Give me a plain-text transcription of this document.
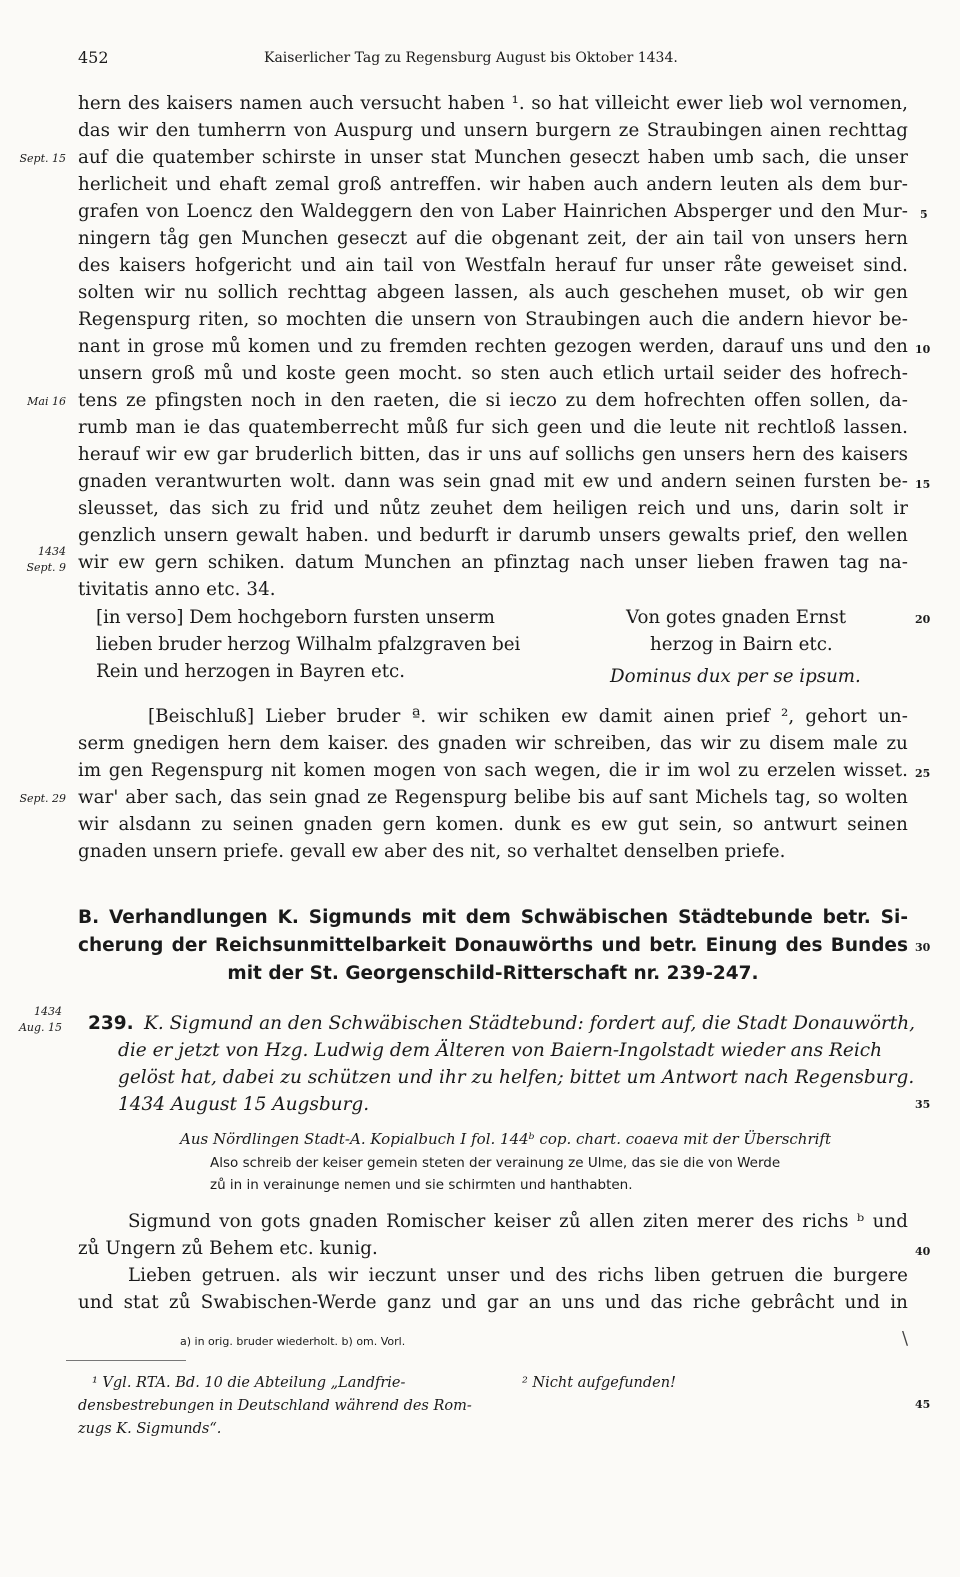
452	Kaiserlicher Tag zu Regensburg August bis Oktober 1434.
hern des kaisers namen auch versucht haben ¹. so hat villeicht ewer lieb wol vernomen,
das wir den tumherrn von Auspurg und unsern burgern ze Straubingen ainen rechttag
auf die quatember schirste in unser stat Munchen geseczt haben umb sach, die unser
herlicheit und ehaft zemal groß antreffen. wir haben auch andern leuten als dem bur-
grafen von Loencz den Waldeggern den von Laber Hainrichen Absperger und den Mur-
ningern tåg gen Munchen geseczt auf die obgenant zeit, der ain tail von unsers hern
des kaisers hofgericht und ain tail von Westfaln herauf fur unser råte geweiset sind.
solten wir nu sollich rechttag abgeen lassen, als auch geschehen muset, ob wir gen
Regenspurg riten, so mochten die unsern von Straubingen auch die andern hievor be-
nant in grose mů komen und zu fremden rechten gezogen werden, darauf uns und den
unsern groß mů und koste geen mocht. so sten auch etlich urtail seider des hofrech-
tens ze pfingsten noch in den raeten, die si ieczo zu dem hofrechten offen sollen, da-
rumb man ie das quatemberrecht můß fur sich geen und die leute nit rechtloß lassen.
herauf wir ew gar bruderlich bitten, das ir uns auf sollichs gen unsers hern des kaisers
gnaden verantwurten wolt. dann was sein gnad mit ew und andern seinen fursten be-
sleusset, das sich zu frid und nůtz zeuhet dem heiligen reich und uns, darin solt ir
genzlich unsern gewalt haben. und bedurft ir darumb unsers gewalts prief, den wellen
wir ew gern schiken. datum Munchen an pfinztag nach unser lieben frawen tag na-
tivitatis anno etc. 34.
[in verso] Dem hochgeborn fursten unserm
lieben bruder herzog Wilhalm pfalzgraven bei
Rein und herzogen in Bayren etc.
Von gotes gnaden Ernst
herzog in Bairn etc.
Dominus dux per se ipsum.
[Beischluß] Lieber bruder ª. wir schiken ew damit ainen prief ², gehort un-
serm gnedigen hern dem kaiser. des gnaden wir schreiben, das wir zu disem male zu
im gen Regenspurg nit komen mogen von sach wegen, die ir im wol zu erzelen wisset.
war' aber sach, das sein gnad ze Regenspurg belibe bis auf sant Michels tag, so wolten
wir alsdann zu seinen gnaden gern komen. dunk es ew gut sein, so antwurt seinen
gnaden unsern priefe. gevall ew aber des nit, so verhaltet denselben priefe.
B. Verhandlungen K. Sigmunds mit dem Schwäbischen Städtebunde betr. Si-
cherung der Reichsunmittelbarkeit Donauwörths und betr. Einung des Bundes
mit der St. Georgenschild-Ritterschaft nr. 239-247.
239. K. Sigmund an den Schwäbischen Städtebund: fordert auf, die Stadt Donauwörth,
die er jetzt von Hzg. Ludwig dem Älteren von Baiern-Ingolstadt wieder ans Reich
gelöst hat, dabei zu schützen und ihr zu helfen; bittet um Antwort nach Regensburg.
1434 August 15 Augsburg.
Aus Nördlingen Stadt-A. Kopialbuch I fol. 144ᵇ cop. chart. coaeva mit der Überschrift
Also schreib der keiser gemein steten der verainung ze Ulme, das sie die von Werde
zů in in verainunge nemen und sie schirmten und hanthabten.
Sigmund von gots gnaden Romischer keiser zů allen ziten merer des richs ᵇ und
zů Ungern zů Behem etc. kunig.
Lieben getruen. als wir ieczunt unser und des richs liben getruen die burgere
und stat zů Swabischen-Werde ganz und gar an uns und das riche gebrâcht und in
a) in orig. bruder wiederholt. b) om. Vorl.	\
¹ Vgl. RTA. Bd. 10 die Abteilung „Landfrie-
densbestrebungen in Deutschland während des Rom-
zugs K. Sigmunds“.
² Nicht aufgefunden!
Sept. 15
Mai 16
1434
Sept. 9
Sept. 29
1434
Aug. 15
5
10
15
20
25
30
35
40
45
